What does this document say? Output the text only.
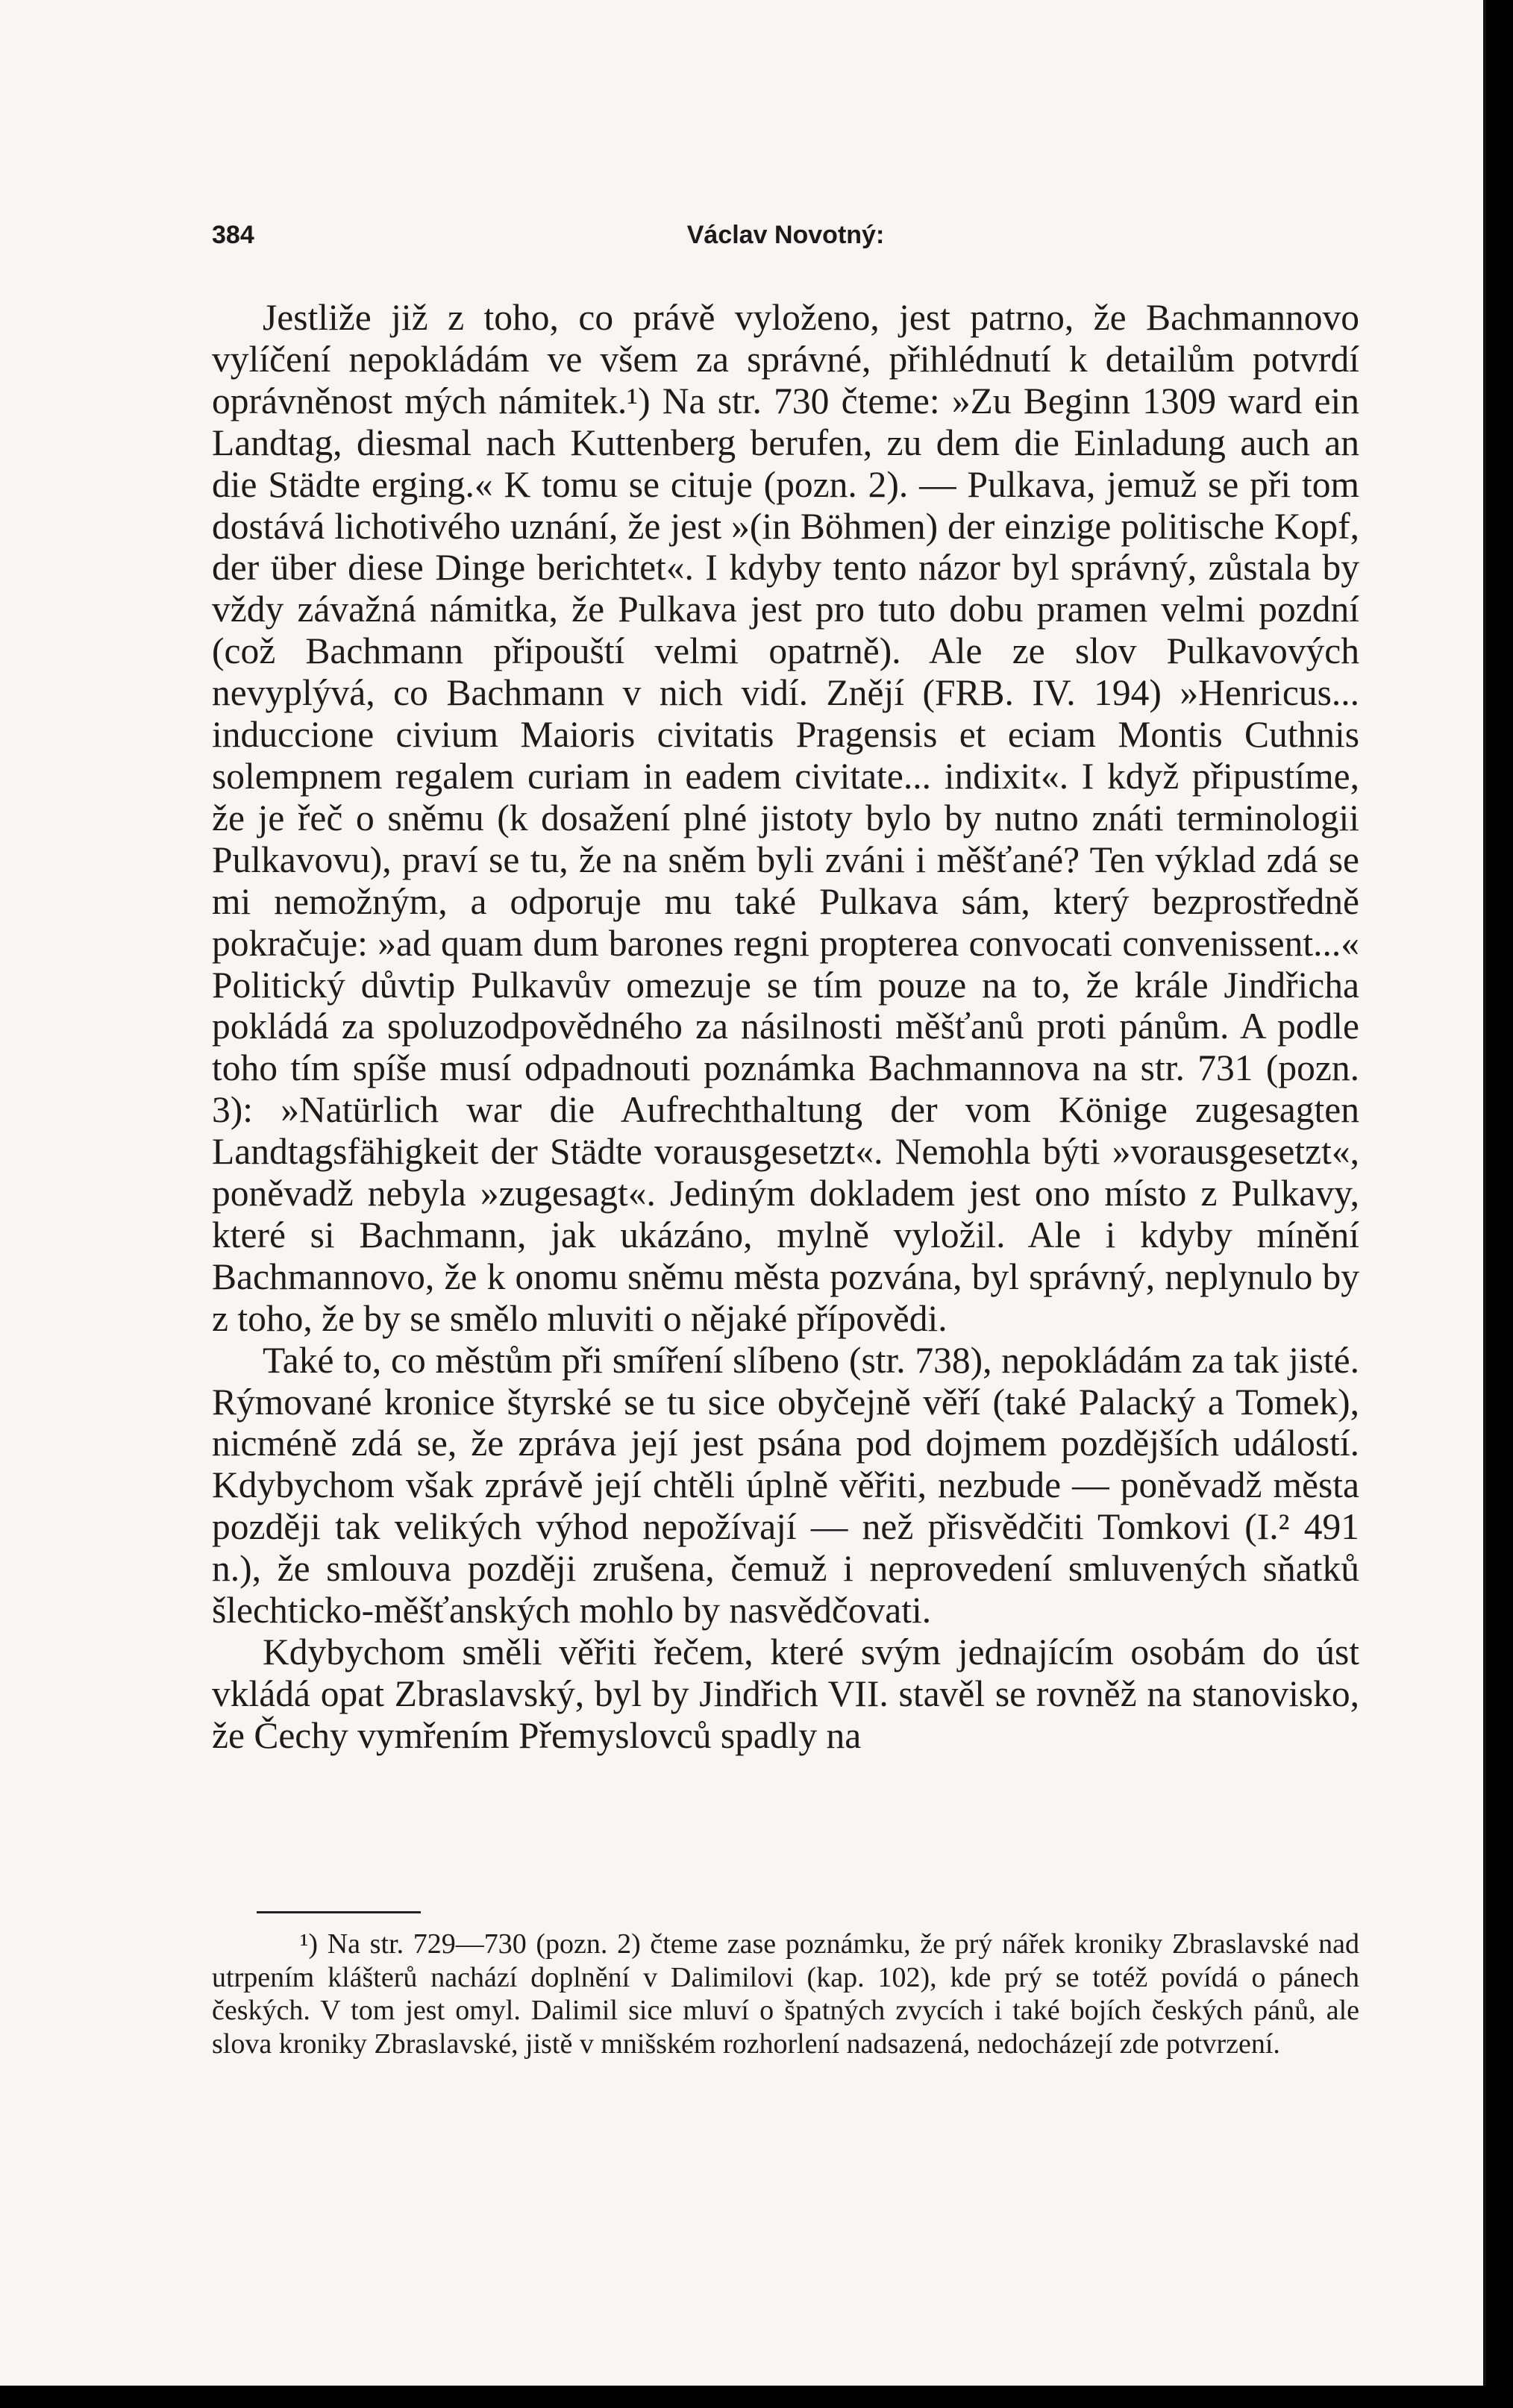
384	Václav Novotný:

Jestliže již z toho, co právě vyloženo, jest patrno, že Bachmannovo vylíčení nepokládám ve všem za správné, přihlédnutí k detailům potvrdí oprávněnost mých námitek.¹) Na str. 730 čteme: »Zu Beginn 1309 ward ein Landtag, diesmal nach Kuttenberg berufen, zu dem die Einladung auch an die Städte erging.« K tomu se cituje (pozn. 2). — Pulkava, jemuž se při tom dostává lichotivého uznání, že jest »(in Böhmen) der einzige politische Kopf, der über diese Dinge berichtet«. I kdyby tento názor byl správný, zůstala by vždy závažná námitka, že Pulkava jest pro tuto dobu pramen velmi pozdní (což Bachmann připouští velmi opatrně). Ale ze slov Pulkavových nevyplývá, co Bachmann v nich vidí. Znějí (FRB. IV. 194) »Henricus... induccione civium Maioris civitatis Pragensis et eciam Montis Cuthnis solempnem regalem curiam in eadem civitate... indixit«. I když připustíme, že je řeč o sněmu (k dosažení plné jistoty bylo by nutno znáti terminologii Pulkavovu), praví se tu, že na sněm byli zváni i měšťané? Ten výklad zdá se mi nemožným, a odporuje mu také Pulkava sám, který bezprostředně pokračuje: »ad quam dum barones regni propterea convocati convenissent...« Politický důvtip Pulkavův omezuje se tím pouze na to, že krále Jindřicha pokládá za spoluzodpovědného za násilnosti měšťanů proti pánům. A podle toho tím spíše musí odpadnouti poznámka Bachmannova na str. 731 (pozn. 3): »Natürlich war die Aufrechthaltung der vom Könige zugesagten Landtagsfähigkeit der Städte vorausgesetzt«. Nemohla býti »vorausgesetzt«, poněvadž nebyla »zugesagt«. Jediným dokladem jest ono místo z Pulkavy, které si Bachmann, jak ukázáno, mylně vyložil. Ale i kdyby mínění Bachmannovo, že k onomu sněmu města pozvána, byl správný, neplynulo by z toho, že by se smělo mluviti o nějaké přípovědi.

Také to, co městům při smíření slíbeno (str. 738), nepokládám za tak jisté. Rýmované kronice štyrské se tu sice obyčejně věří (také Palacký a Tomek), nicméně zdá se, že zpráva její jest psána pod dojmem pozdějších událostí. Kdybychom však zprávě její chtěli úplně věřiti, nezbude — poněvadž města později tak velikých výhod nepožívají — než přisvědčiti Tomkovi (I.² 491 n.), že smlouva později zrušena, čemuž i neprovedení smluvených sňatků šlechticko-měšťanských mohlo by nasvědčovati.

Kdybychom směli věřiti řečem, které svým jednajícím osobám do úst vkládá opat Zbraslavský, byl by Jindřich VII. stavěl se rovněž na stanovisko, že Čechy vymřením Přemyslovců spadly na

¹) Na str. 729—730 (pozn. 2) čteme zase poznámku, že prý nářek kroniky Zbraslavské nad utrpením klášterů nachází doplnění v Dalimilovi (kap. 102), kde prý se totéž povídá o pánech českých. V tom jest omyl. Dalimil sice mluví o špatných zvycích i také bojích českých pánů, ale slova kroniky Zbraslavské, jistě v mnišském rozhorlení nadsazená, nedocházejí zde potvrzení.
